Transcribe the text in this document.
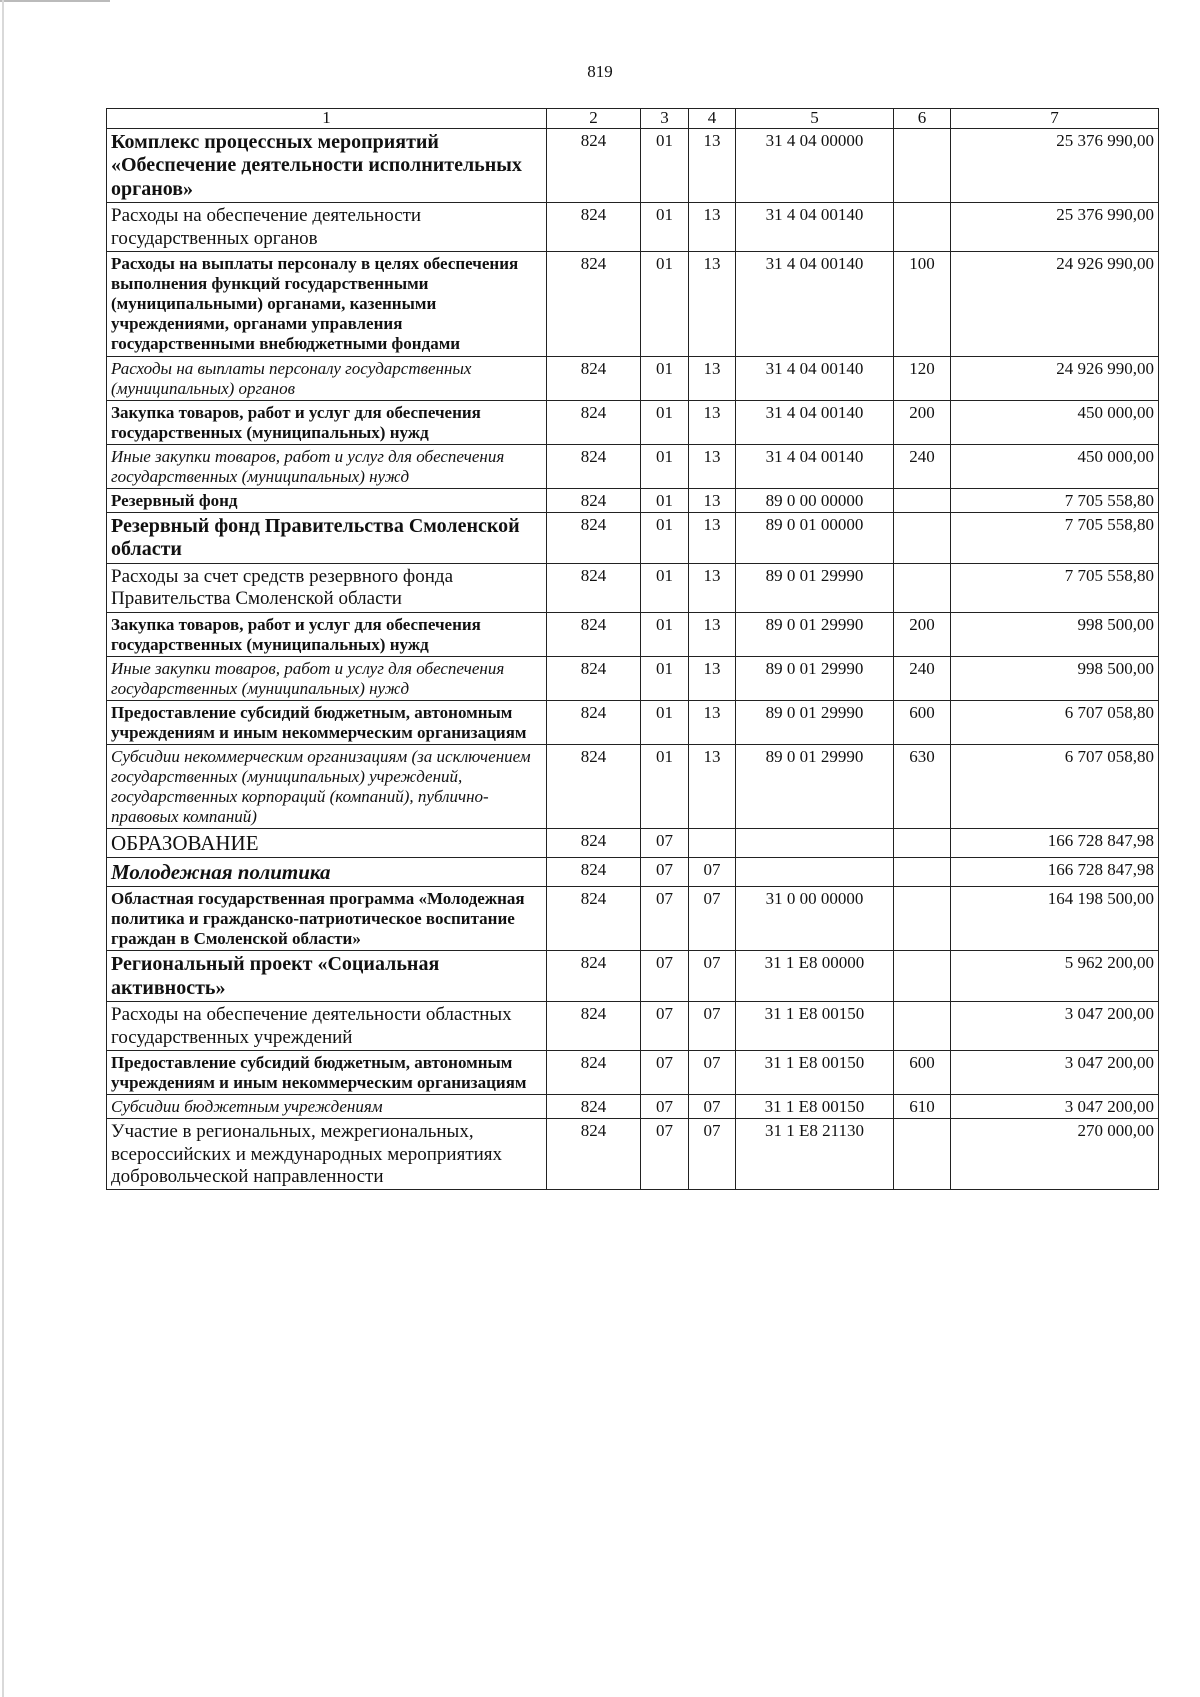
819
1	2	3	4	5	6	7
Комплекс процессных мероприятий «Обеспечение деятельности исполнительных органов»	824	01	13	31 4 04 00000		25 376 990,00
Расходы на обеспечение деятельности государственных органов	824	01	13	31 4 04 00140		25 376 990,00
Расходы на выплаты персоналу в целях обеспечения выполнения функций государственными (муниципальными) органами, казенными учреждениями, органами управления государственными внебюджетными фондами	824	01	13	31 4 04 00140	100	24 926 990,00
Расходы на выплаты персоналу государственных (муниципальных) органов	824	01	13	31 4 04 00140	120	24 926 990,00
Закупка товаров, работ и услуг для обеспечения государственных (муниципальных) нужд	824	01	13	31 4 04 00140	200	450 000,00
Иные закупки товаров, работ и услуг для обеспечения государственных (муниципальных) нужд	824	01	13	31 4 04 00140	240	450 000,00
Резервный фонд	824	01	13	89 0 00 00000		7 705 558,80
Резервный фонд Правительства Смоленской области	824	01	13	89 0 01 00000		7 705 558,80
Расходы за счет средств резервного фонда Правительства Смоленской области	824	01	13	89 0 01 29990		7 705 558,80
Закупка товаров, работ и услуг для обеспечения государственных (муниципальных) нужд	824	01	13	89 0 01 29990	200	998 500,00
Иные закупки товаров, работ и услуг для обеспечения государственных (муниципальных) нужд	824	01	13	89 0 01 29990	240	998 500,00
Предоставление субсидий бюджетным, автономным учреждениям и иным некоммерческим организациям	824	01	13	89 0 01 29990	600	6 707 058,80
Субсидии некоммерческим организациям (за исключением государственных (муниципальных) учреждений, государственных корпораций (компаний), публично-правовых компаний)	824	01	13	89 0 01 29990	630	6 707 058,80
ОБРАЗОВАНИЕ	824	07				166 728 847,98
Молодежная политика	824	07	07			166 728 847,98
Областная государственная программа «Молодежная политика и гражданско-патриотическое воспитание граждан в Смоленской области»	824	07	07	31 0 00 00000		164 198 500,00
Региональный проект «Социальная активность»	824	07	07	31 1 E8 00000		5 962 200,00
Расходы на обеспечение деятельности областных государственных учреждений	824	07	07	31 1 E8 00150		3 047 200,00
Предоставление субсидий бюджетным, автономным учреждениям и иным некоммерческим организациям	824	07	07	31 1 E8 00150	600	3 047 200,00
Субсидии бюджетным учреждениям	824	07	07	31 1 E8 00150	610	3 047 200,00
Участие в региональных, межрегиональных, всероссийских и международных мероприятиях добровольческой направленности	824	07	07	31 1 E8 21130		270 000,00
